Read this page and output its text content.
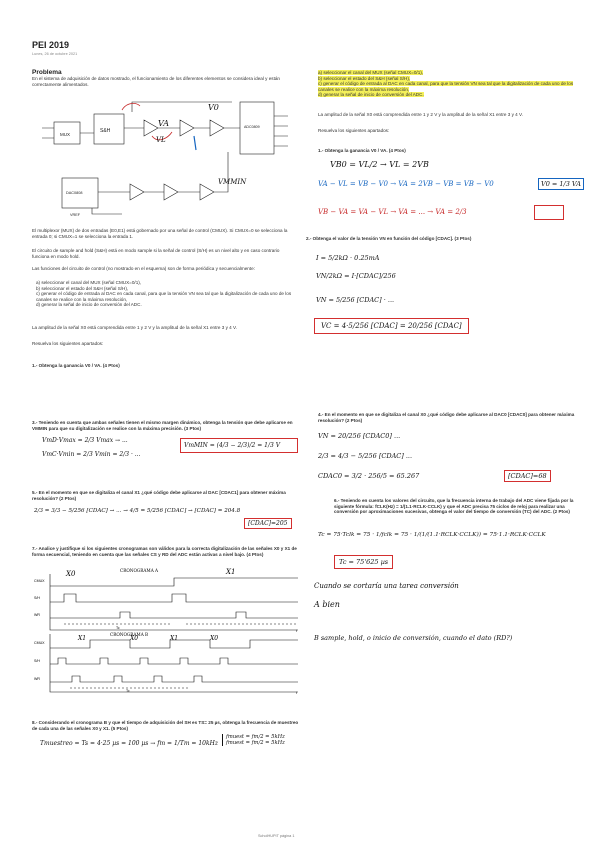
PEI 2019
Lunes, 26 de octubre 2021
Problema
En el sistema de adquisición de datos mostrado, el funcionamiento de los diferentes elementos se considera ideal y están correctamente alimentados.
MUX
S&H
ADC0809
DAC0808
VREF
V0
VA
VL
VMMIN
El multiplexor (MUX) de dos entradas (E0,E1) está gobernado por una señal de control (CMUX). Si CMUX=0 se selecciona la entrada 0; si CMUX=1 se selecciona la entrada 1.
El circuito de sample and hold (S&H) está en modo sample si la señal de control (S/H) es un nivel alto y en caso contrario funciona en modo hold.
Las funciones del circuito de control (no mostrado en el esquema) son de forma periódica y secuencialmente:
a) seleccionar el canal del MUX (señal CMUX=0/1),
b) seleccionar el estado del S&H (señal S/H),
c) generar el código de entrada al DAC en cada canal, para que la tensión VN sea tal que la digitalización de cada uno de los canales se realice con la máxima resolución,
d) generar la señal de inicio de conversión del ADC.
La amplitud de la señal X0 está comprendida entre 1 y 2 V y la amplitud de la señal X1 entre 3 y 4 V.
Resuelva los siguientes apartados:
1.- Obtenga la ganancia V0 / VA. (4 Ptos)
3.- Teniendo en cuenta que ambas señales tienen el mismo margen dinámico, obtenga la tensión que debe aplicarse en VMMIN para que su digitalización se realice con la máxima precisión. (3 Ptos)
VmD·Vmax = 2/3 Vmax → ...
VmC·Vmin = 2/3 Vmin = 2/3 · ...
VmMIN = (4/3 − 2/3)/2 = 1/3 V
5.- En el momento en que se digitaliza el canal X1 ¿qué código debe aplicarse al DAC [CDAC1] para obtener máxima resolución? (2 Ptos)
2/3 = 3/3 − 5/256 [CDAC] → ... → 4/5 = 5/256 [CDAC] → [CDAC] = 204.8
[CDAC]=205
7.- Analice y justifique si los siguientes cronogramas son válidos para la correcta digitalización de las señales X0 y X1 de forma secuencial, teniendo en cuenta que las señales CS y RD del ADC están activas a nivel bajo. (4 Ptos)
CMUX
S/H
WR
CRONOGRAMA A
X0	X1
Tc
t
CMUX
S/H
WR
CRONOGRAMA B
X1	X0	X1	X0
Tc	t
8.- Considerando el cronograma B y que el tiempo de adquisición del SH es TS= 25 µs, obtenga la frecuencia de muestreo de cada una de las señales X0 y X1. (5 Ptos)
Tmuestreo = Ts = 4·25 µs = 100 µs → fm = 1/Tm = 10kHz
fmuest = fm/2 = 5kHz
fmuest = fm/2 = 5kHz
a) seleccionar el canal del MUX (señal CMUX=0/1),
b) seleccionar el estado del S&H (señal S/H),
c) generar el código de entrada al DAC en cada canal, para que la tensión VN sea tal que la digitalización de cada uno de los canales se realice con la máxima resolución,
d) generar la señal de inicio de conversión del ADC.
La amplitud de la señal X0 está comprendida entre 1 y 2 V y la amplitud de la señal X1 entre 3 y 4 V.
Resuelva los siguientes apartados:
1.- Obtenga la ganancia V0 / VA. (4 Ptos)
VB0 = VL/2 → VL = 2VB
VA − VL = VB − V0 → VA = 2VB − VB = VB − V0	V0 = 1/3 VA
VB − VA = VA − VL → VA = ... → VA = 2/3
2.- Obtenga el valor de la tensión VN en función del código [CDAC]. (3 Ptos)
I = 5/2kΩ · 0.25mA
VN/2kΩ = I·[CDAC]/256
VN = 5/256 [CDAC] · ...
VC = 4·5/256 [CDAC] = 20/256 [CDAC]
4.- En el momento en que se digitaliza el canal X0 ¿qué código debe aplicarse al DAC0 [CDAC0] para obtener máxima resolución? (2 Ptos)
VN = 20/256 [CDAC0] ...
2/3 = 4/3 − 5/256 [CDAC] ...
CDAC0 = 3/2 · 256/5 = 65.267	[CDAC]=68
6.- Teniendo en cuenta los valores del circuito, que la frecuencia interna de trabajo del ADC viene fijada por la siguiente fórmula: fCLK(Hz) = 1/(1.1·RCLK·CCLK) y que el ADC precisa 75 ciclos de reloj para realizar una conversión por aproximaciones sucesivas, obtenga el valor del tiempo de conversión (TC) del ADC. (2 Ptos)
Tc = 75·Tclk = 75 · 1/fclk = 75 · 1/(1/(1.1·RCLK·CCLK)) = 75·1.1·RCLK·CCLK
Tc = 75'625 µs
Cuando se cortaría una tarea conversión
A bien
B sample, hold, o inicio de conversión, cuando el dato (RD?)
ScholHUPIT página 1
